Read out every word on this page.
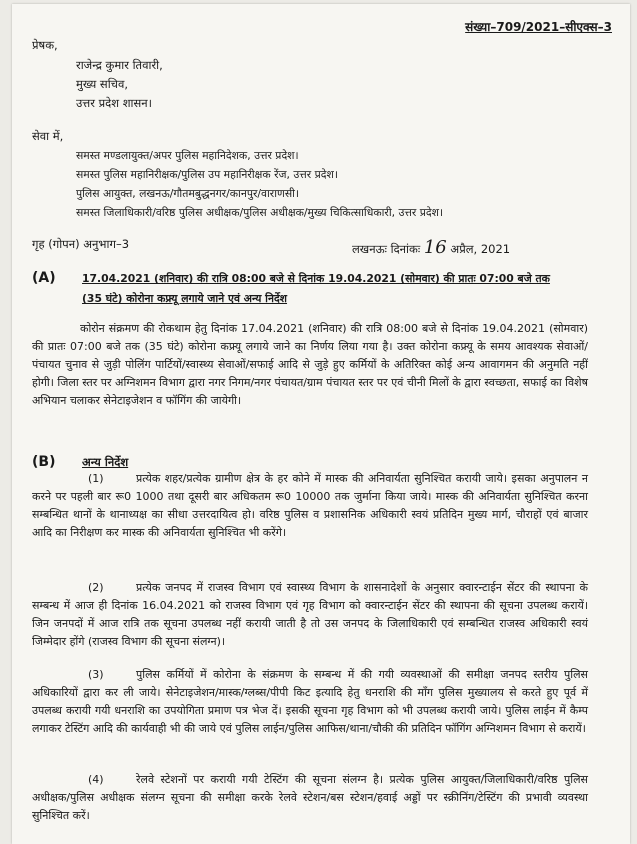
संख्या–709/2021–सीएक्स–3
प्रेषक,
राजेन्द्र कुमार तिवारी,
मुख्य सचिव,
उत्तर प्रदेश शासन।
सेवा में,
समस्त मण्डलायुक्त/अपर पुलिस महानिदेशक, उत्तर प्रदेश।
समस्त पुलिस महानिरीक्षक/पुलिस उप महानिरीक्षक रेंज, उत्तर प्रदेश।
पुलिस आयुक्त, लखनऊ/गौतमबुद्धनगर/कानपुर/वाराणसी।
समस्त जिलाधिकारी/वरिष्ठ पुलिस अधीक्षक/पुलिस अधीक्षक/मुख्य चिकित्साधिकारी, उत्तर प्रदेश।
गृह (गोपन) अनुभाग–3	लखनऊः दिनांकः 16 अप्रैल, 2021
(A) 17.04.2021 (शनिवार) की रात्रि 08:00 बजे से दिनांक 19.04.2021 (सोमवार) की प्रातः 07:00 बजे तक
(35 घंटे) कोरोना कफ्र्यू लगाये जाने एवं अन्य निर्देश
कोरोन संक्रमण की रोकथाम हेतु दिनांक 17.04.2021 (शनिवार) की रात्रि 08:00 बजे से दिनांक 19.04.2021 (सोमवार) की प्रातः 07:00 बजे तक (35 घंटे) कोरोना कफ्र्यू लगाये जाने का निर्णय लिया गया है। उक्त कोरोना कफ्र्यू के समय आवश्यक सेवाओं/पंचायत चुनाव से जुड़ी पोलिंग पार्टियों/स्वास्थ्य सेवाओं/सफाई आदि से जुड़े हुए कर्मियों के अतिरिक्त कोई अन्य आवागमन की अनुमति नहीं होगी। जिला स्तर पर अग्निशमन विभाग द्वारा नगर निगम/नगर पंचायत/ग्राम पंचायत स्तर पर एवं चीनी मिलों के द्वारा स्वच्छता, सफाई का विशेष अभियान चलाकर सेनेटाइजेशन व फॉगिंग की जायेगी।
(B) अन्य निर्देश
(1)	प्रत्येक शहर/प्रत्येक ग्रामीण क्षेत्र के हर कोने में मास्क की अनिवार्यता सुनिश्चित करायी जाये। इसका अनुपालन न करने पर पहली बार रू0 1000 तथा दूसरी बार अधिकतम रू0 10000 तक जुर्माना किया जाये। मास्क की अनिवार्यता सुनिश्चित करना सम्बन्धित थानों के थानाध्यक्ष का सीधा उत्तरदायित्व हो। वरिष्ठ पुलिस व प्रशासनिक अधिकारी स्वयं प्रतिदिन मुख्य मार्ग, चौराहों एवं बाजार आदि का निरीक्षण कर मास्क की अनिवार्यता सुनिश्चित भी करेंगे।
(2)	प्रत्येक जनपद में राजस्व विभाग एवं स्वास्थ्य विभाग के शासनादेशों के अनुसार क्वारन्टाईन सेंटर की स्थापना के सम्बन्ध में आज ही दिनांक 16.04.2021 को राजस्व विभाग एवं गृह विभाग को क्वारन्टाईन सेंटर की स्थापना की सूचना उपलब्ध करायें। जिन जनपदों में आज रात्रि तक सूचना उपलब्ध नहीं करायी जाती है तो उस जनपद के जिलाधिकारी एवं सम्बन्धित राजस्व अधिकारी स्वयं जिम्मेदार होंगे (राजस्व विभाग की सूचना संलग्न)।
(3)	पुलिस कर्मियों में कोरोना के संक्रमण के सम्बन्ध में की गयी व्यवस्थाओं की समीक्षा जनपद स्तरीय पुलिस अधिकारियों द्वारा कर ली जाये। सेनेटाइजेशन/मास्क/ग्लब्स/पीपी किट इत्यादि हेतु धनराशि की माँग पुलिस मुख्यालय से करते हुए पूर्व में उपलब्ध करायी गयी धनराशि का उपयोगिता प्रमाण पत्र भेज दें। इसकी सूचना गृह विभाग को भी उपलब्ध करायी जाये। पुलिस लाईन में कैम्प लगाकर टेस्टिंग आदि की कार्यवाही भी की जाये एवं पुलिस लाईन/पुलिस आफिस/थाना/चौकी की प्रतिदिन फॉगिंग अग्निशमन विभाग से करायें।
(4)	रेलवे स्टेशनों पर करायी गयी टेस्टिंग की सूचना संलग्न है। प्रत्येक पुलिस आयुक्त/जिलाधिकारी/वरिष्ठ पुलिस अधीक्षक/पुलिस अधीक्षक संलग्न सूचना की समीक्षा करके रेलवे स्टेशन/बस स्टेशन/हवाई अड्डों पर स्क्रीनिंग/टेस्टिंग की प्रभावी व्यवस्था सुनिश्चित करें।
